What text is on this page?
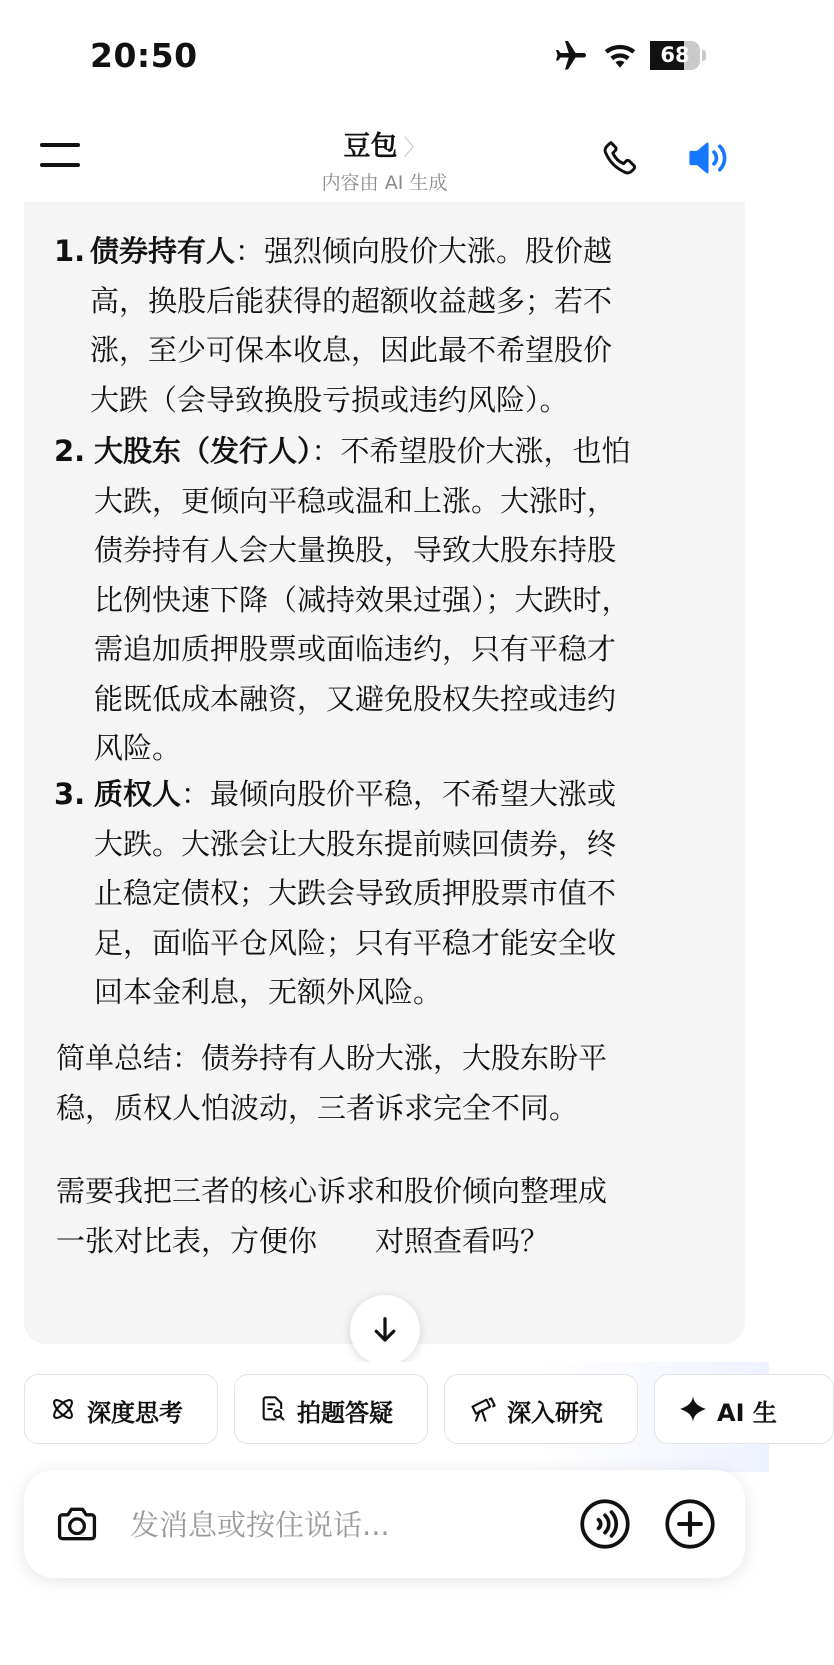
20:50	68
豆包 〉
内容由 AI 生成
1. 债券持有人：强烈倾向股价大涨。股价越
高，换股后能获得的超额收益越多；若不
涨，至少可保本收息，因此最不希望股价
大跌（会导致换股亏损或违约风险）。
2. 大股东（发行人）：不希望股价大涨，也怕
大跌，更倾向平稳或温和上涨。大涨时，
债券持有人会大量换股，导致大股东持股
比例快速下降（减持效果过强）；大跌时，
需追加质押股票或面临违约，只有平稳才
能既低成本融资，又避免股权失控或违约
风险。
3. 质权人：最倾向股价平稳，不希望大涨或
大跌。大涨会让大股东提前赎回债券，终
止稳定债权；大跌会导致质押股票市值不
足，面临平仓风险；只有平稳才能安全收
回本金利息，无额外风险。
简单总结：债券持有人盼大涨，大股东盼平
稳，质权人怕波动，三者诉求完全不同。
需要我把三者的核心诉求和股价倾向整理成
一张对比表，方便你　　对照查看吗？
深度思考	拍题答疑	深入研究	AI 生
发消息或按住说话...
